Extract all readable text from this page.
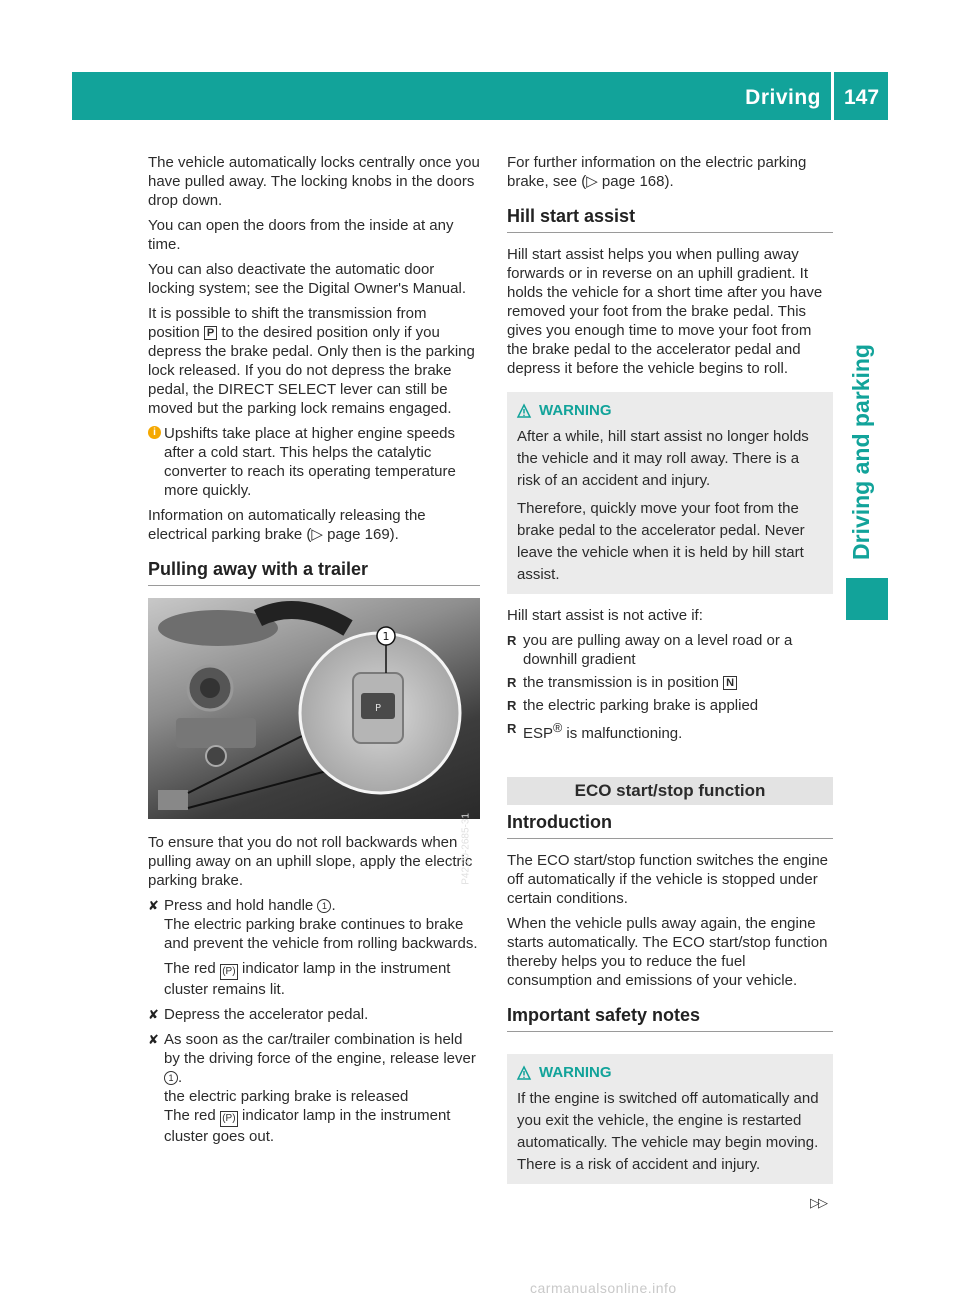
Driving 147
Driving and parking

The vehicle automatically locks centrally once you have pulled away. The locking knobs in the doors drop down.

You can open the doors from the inside at any time.

You can also deactivate the automatic door locking system; see the Digital Owner's Manual.

It is possible to shift the transmission from position P to the desired position only if you depress the brake pedal. Only then is the parking lock released. If you do not depress the brake pedal, the DIRECT SELECT lever can still be moved but the parking lock remains engaged.

i Upshifts take place at higher engine speeds after a cold start. This helps the catalytic converter to reach its operating temperature more quickly.

Information on automatically releasing the electrical parking brake (▷ page 169).

Pulling away with a trailer
P
1
P42.20-2685-31

To ensure that you do not roll backwards when pulling away on an uphill slope, apply the electric parking brake.

✘ Press and hold handle 1 .
The electric parking brake continues to brake and prevent the vehicle from rolling backwards.
The red (P) indicator lamp in the instrument cluster remains lit.
✘ Depress the accelerator pedal.
✘ As soon as the car/trailer combination is held by the driving force of the engine, release lever 1 .
the electric parking brake is released
The red (P) indicator lamp in the instrument cluster goes out.

For further information on the electric parking brake, see (▷ page 168).

Hill start assist

Hill start assist helps you when pulling away forwards or in reverse on an uphill gradient. It holds the vehicle for a short time after you have removed your foot from the brake pedal. This gives you enough time to move your foot from the brake pedal to the accelerator pedal and depress it before the vehicle begins to roll.

WARNING

After a while, hill start assist no longer holds the vehicle and it may roll away. There is a risk of an accident and injury.

Therefore, quickly move your foot from the brake pedal to the accelerator pedal. Never leave the vehicle when it is held by hill start assist.

Hill start assist is not active if:

R you are pulling away on a level road or a downhill gradient
R the transmission is in position N
R the electric parking brake is applied
R ESP® is malfunctioning.
ECO start/stop function
Introduction

The ECO start/stop function switches the engine off automatically if the vehicle is stopped under certain conditions.

When the vehicle pulls away again, the engine starts automatically. The ECO start/stop function thereby helps you to reduce the fuel consumption and emissions of your vehicle.

Important safety notes
WARNING

If the engine is switched off automatically and you exit the vehicle, the engine is restarted automatically. The vehicle may begin moving. There is a risk of accident and injury.

▷▷
carmanualsonline.info
